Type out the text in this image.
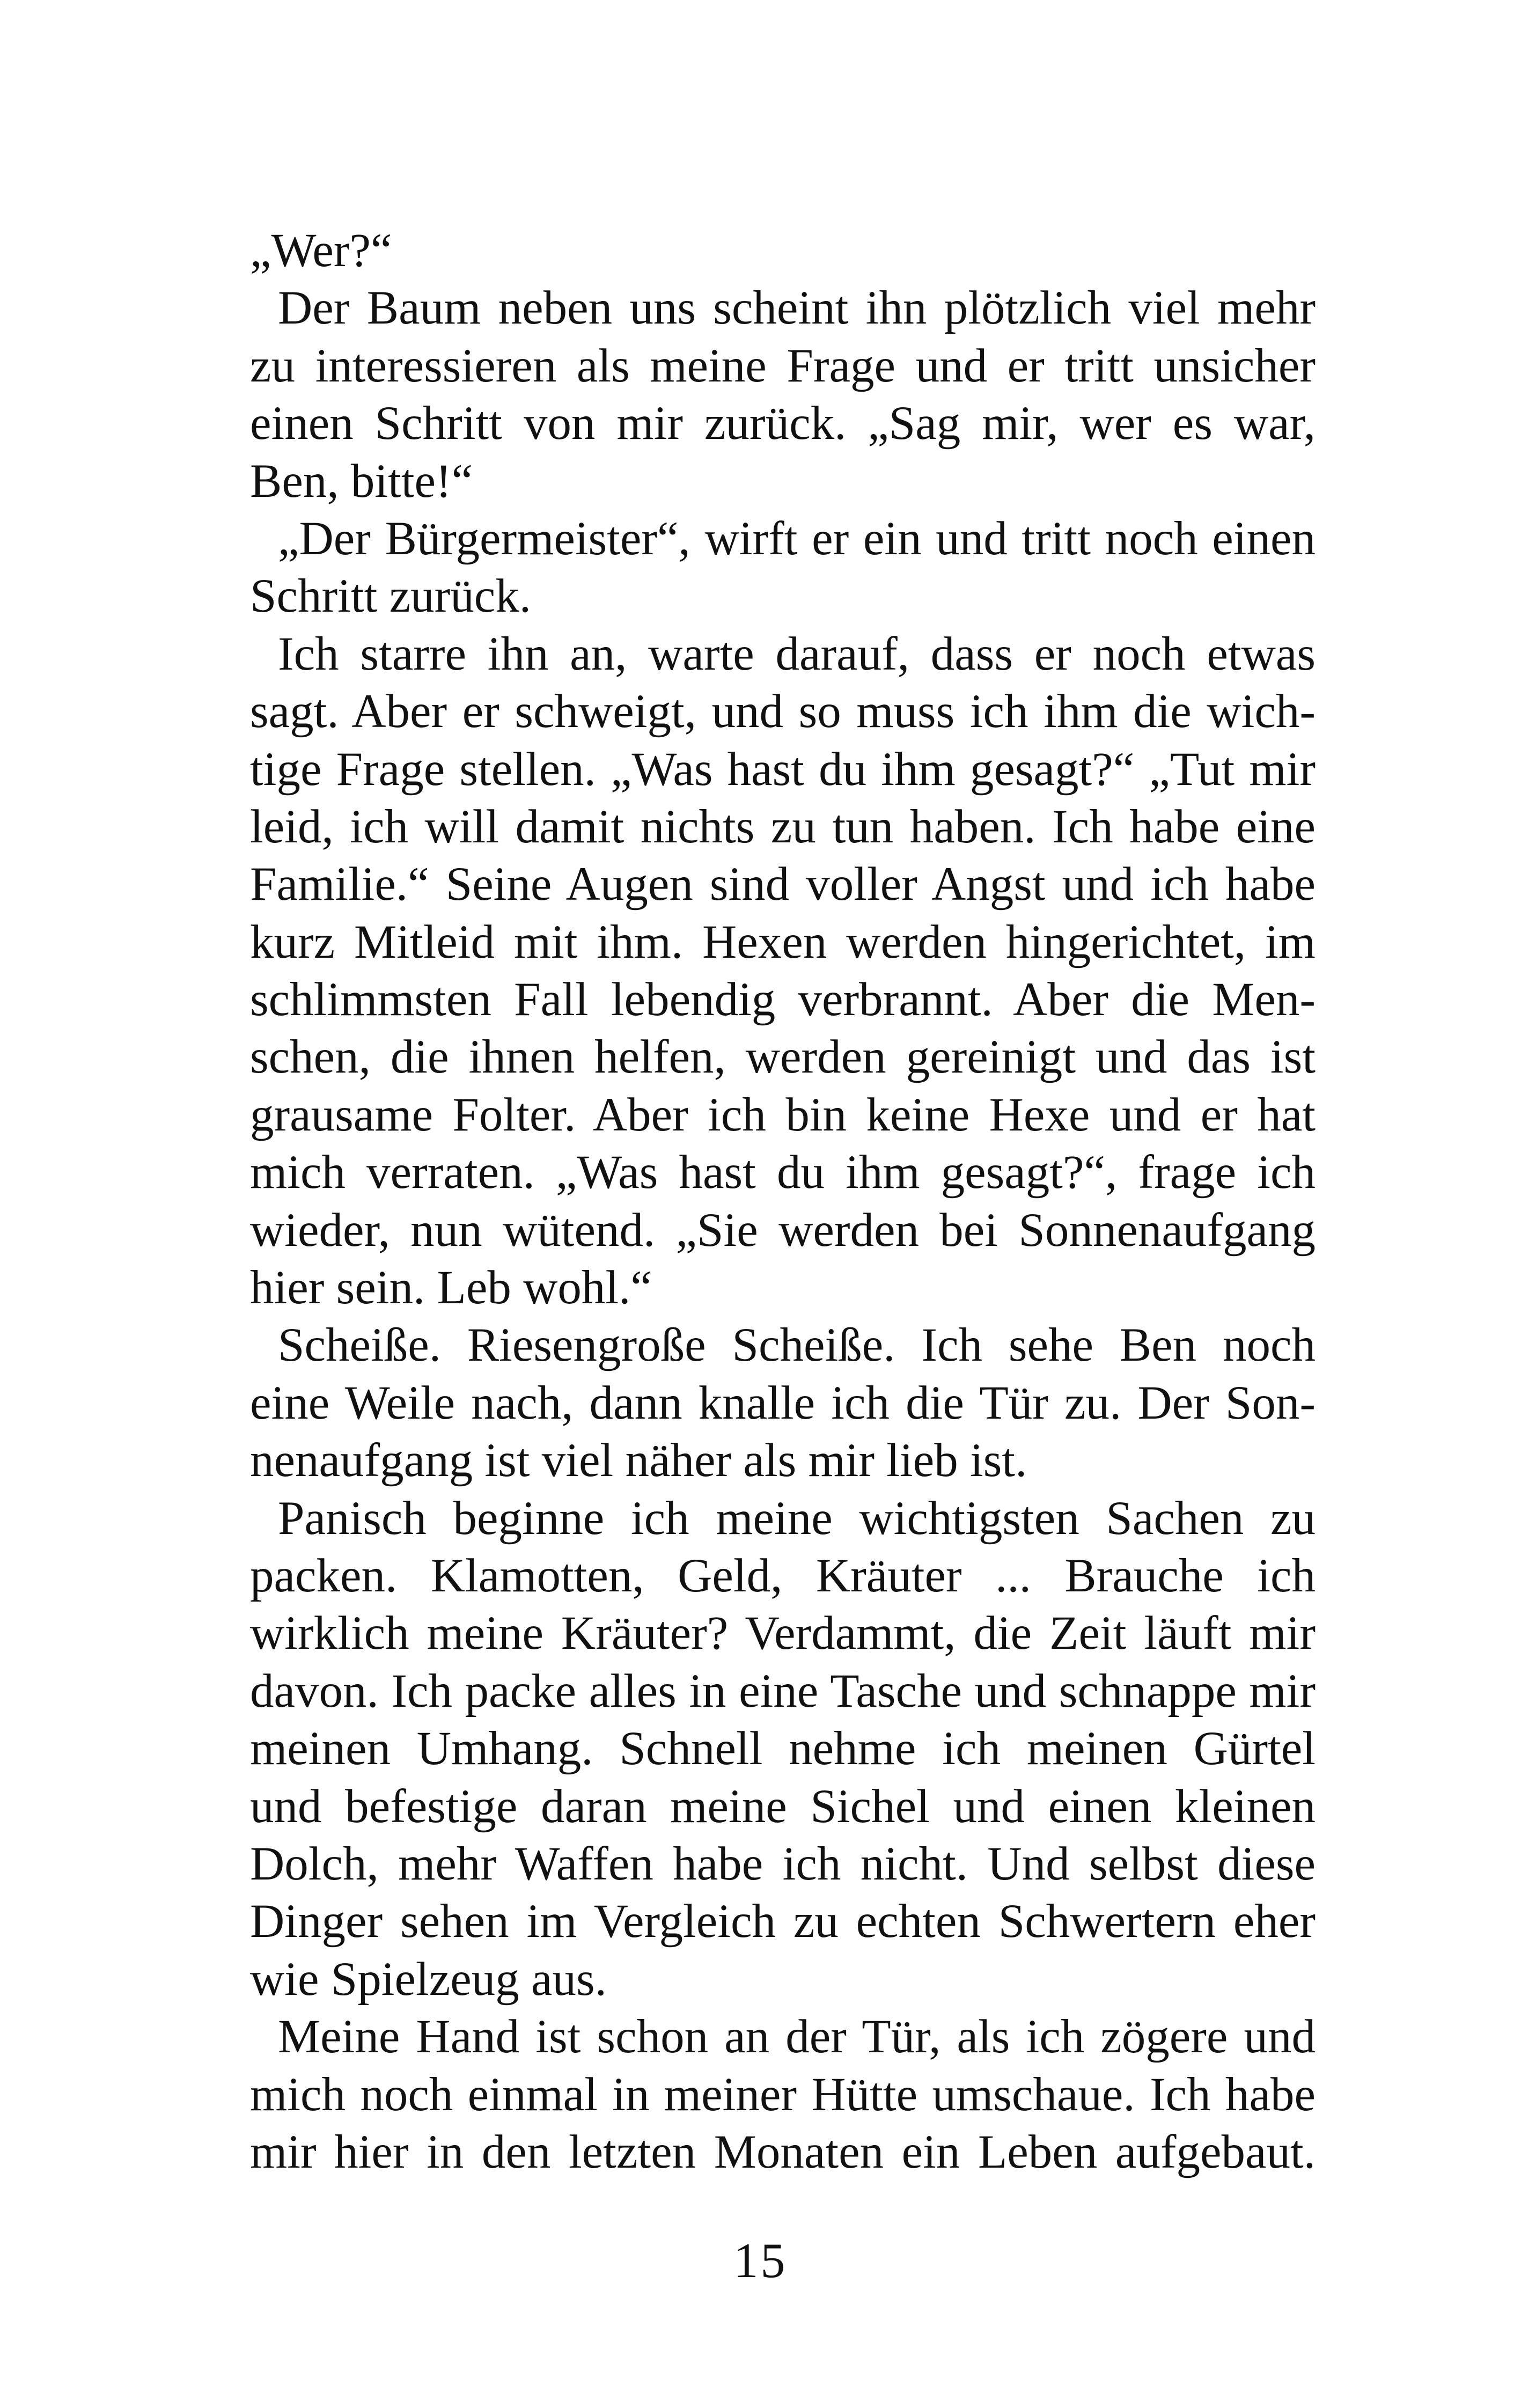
„Wer?“
Der Baum neben uns scheint ihn plötzlich viel mehr
zu interessieren als meine Frage und er tritt unsicher
einen Schritt von mir zurück. „Sag mir, wer es war,
Ben, bitte!“
„Der Bürgermeister“, wirft er ein und tritt noch einen
Schritt zurück.
Ich starre ihn an, warte darauf, dass er noch etwas
sagt. Aber er schweigt, und so muss ich ihm die wich-
tige Frage stellen. „Was hast du ihm gesagt?“ „Tut mir
leid, ich will damit nichts zu tun haben. Ich habe eine
Familie.“ Seine Augen sind voller Angst und ich habe
kurz Mitleid mit ihm. Hexen werden hingerichtet, im
schlimmsten Fall lebendig verbrannt. Aber die Men-
schen, die ihnen helfen, werden gereinigt und das ist
grausame Folter. Aber ich bin keine Hexe und er hat
mich verraten. „Was hast du ihm gesagt?“, frage ich
wieder, nun wütend. „Sie werden bei Sonnenaufgang
hier sein. Leb wohl.“
Scheiße. Riesengroße Scheiße. Ich sehe Ben noch
eine Weile nach, dann knalle ich die Tür zu. Der Son-
nenaufgang ist viel näher als mir lieb ist.
Panisch beginne ich meine wichtigsten Sachen zu
packen. Klamotten, Geld, Kräuter ... Brauche ich
wirklich meine Kräuter? Verdammt, die Zeit läuft mir
davon. Ich packe alles in eine Tasche und schnappe mir
meinen Umhang. Schnell nehme ich meinen Gürtel
und befestige daran meine Sichel und einen kleinen
Dolch, mehr Waffen habe ich nicht. Und selbst diese
Dinger sehen im Vergleich zu echten Schwertern eher
wie Spielzeug aus.
Meine Hand ist schon an der Tür, als ich zögere und
mich noch einmal in meiner Hütte umschaue. Ich habe
mir hier in den letzten Monaten ein Leben aufgebaut.
15
